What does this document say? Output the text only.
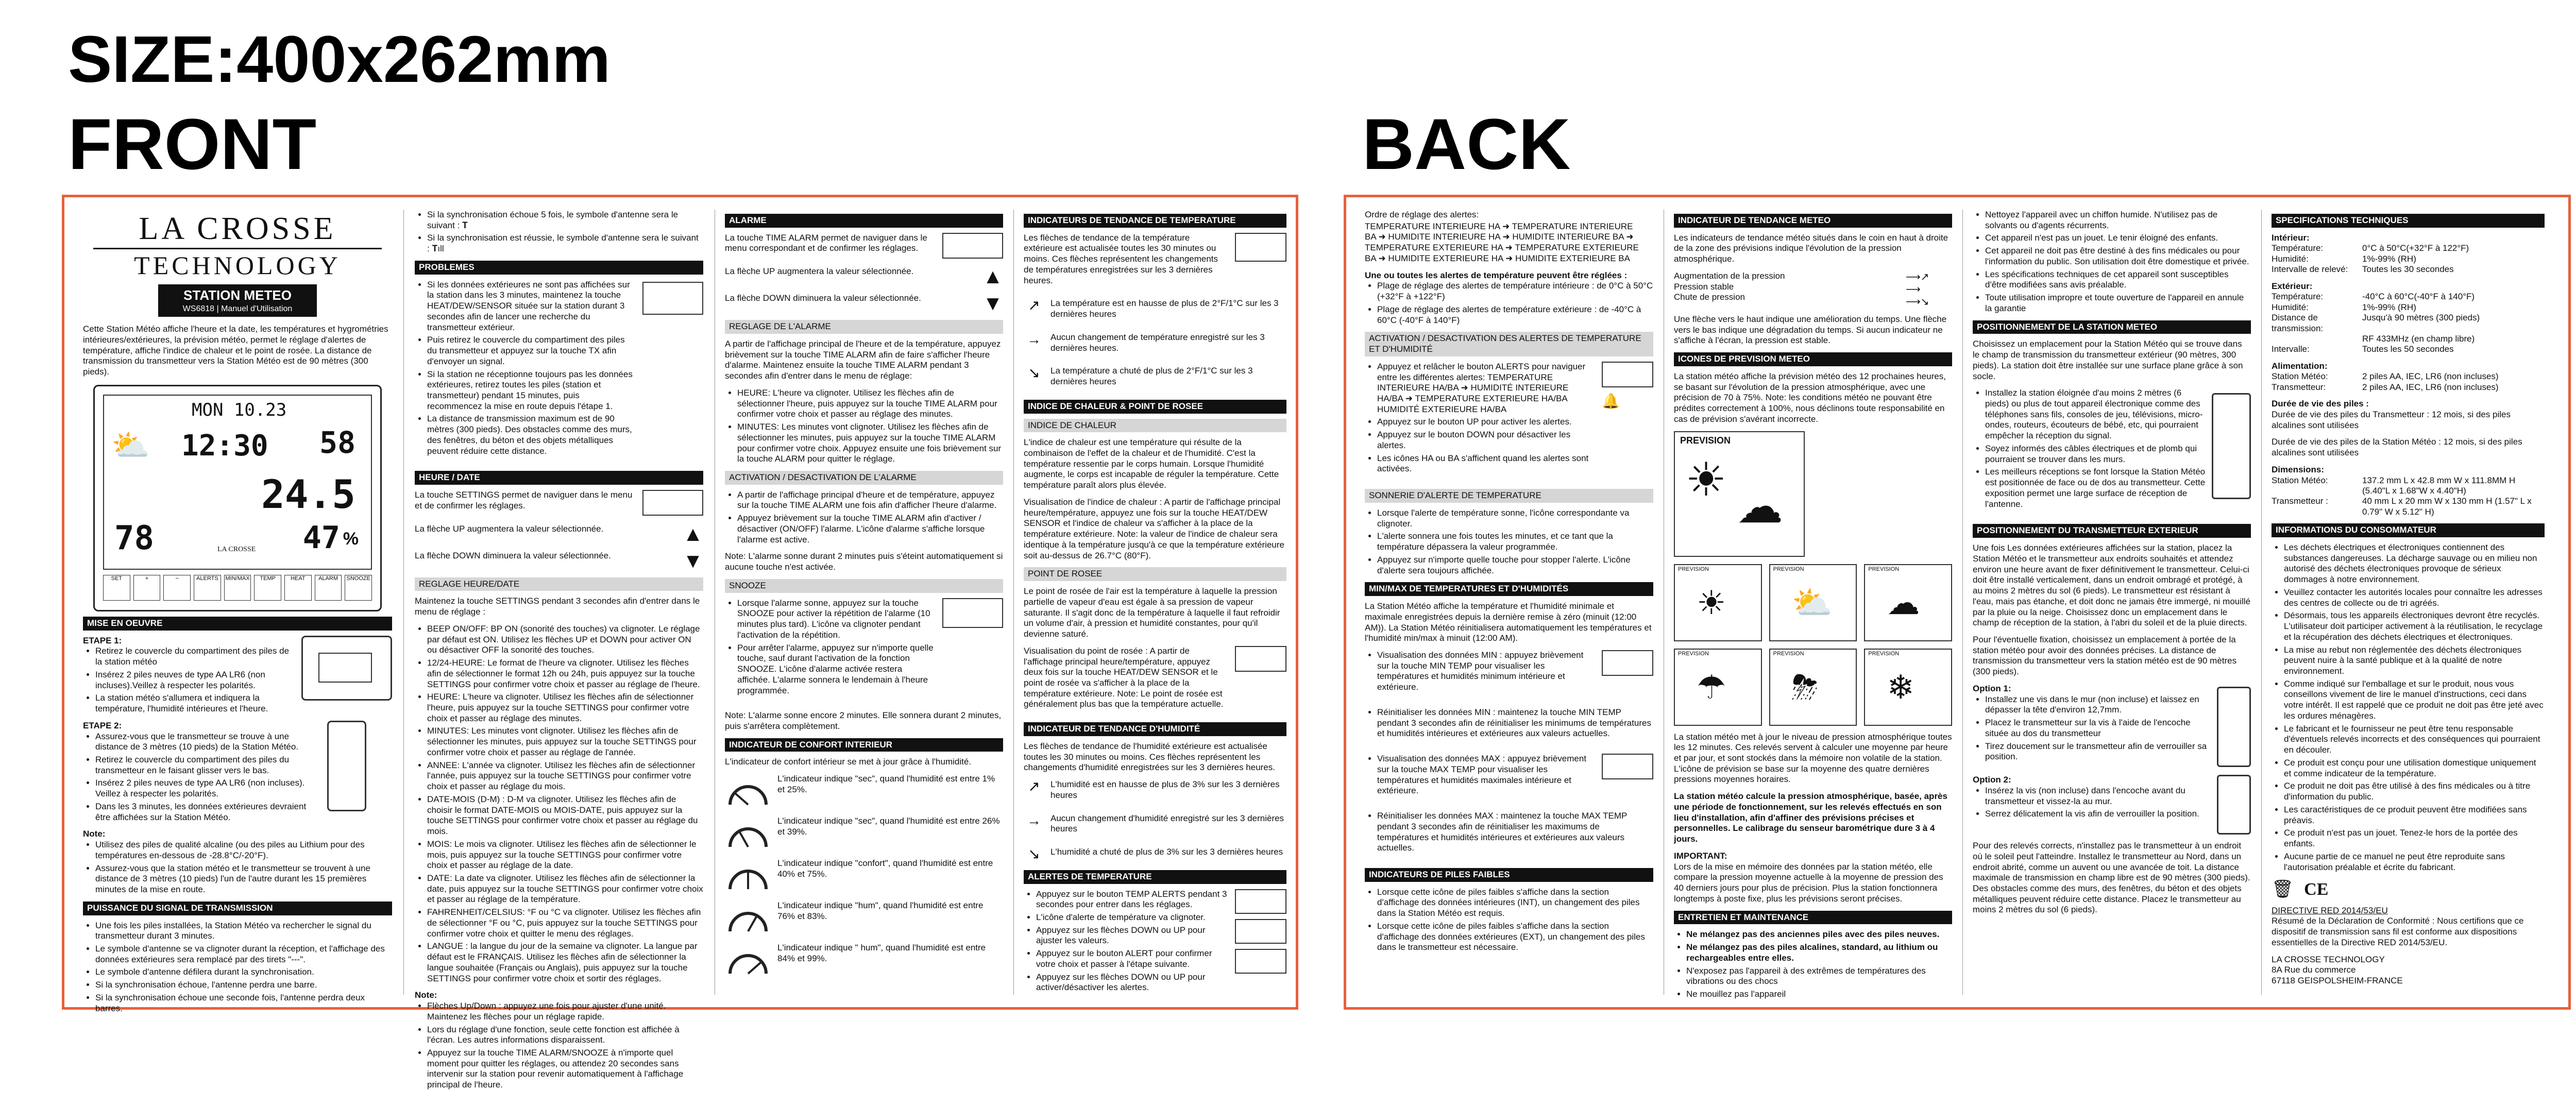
SIZE:400x262mm
FRONT	BACK
LA CROSSE
TECHNOLOGY
STATION METEO
WS6818 | Manuel d'Utilisation

Cette Station Météo affiche l'heure et la date, les températures et hygrométries intérieures/extérieures, la prévision météo, permet le réglage d'alertes de température, affiche l'indice de chaleur et le point de rosée. La distance de transmission du transmetteur vers la Station Météo est de 90 mètres (300 pieds).

MON 10.23
⛅ 12:30 58
24.5
78	47 %
LA CROSSE
SET	+	−	ALERTS	MIN/MAX	TEMP	HEAT	ALARM	SNOOZE
MISE EN OEUVRE
ETAPE 1:
• Retirez le couvercle du compartiment des piles de la station météo
• Insérez 2 piles neuves de type AA LR6 (non incluses).Veillez à respecter les polarités.
• La station météo s'allumera et indiquera la température, l'humidité intérieures et l'heure.
ETAPE 2:
• Assurez-vous que le transmetteur se trouve à une distance de 3 mètres (10 pieds) de la Station Météo.
• Retirez le couvercle du compartiment des piles du transmetteur en le faisant glisser vers le bas.
• Insérez 2 piles neuves de type AA LR6 (non incluses). Veillez à respecter les polarités.
• Dans les 3 minutes, les données extérieures devraient être affichées sur la Station Météo.
Note:
• Utilisez des piles de qualité alcaline (ou des piles au Lithium pour des températures en-dessous de -28.8°C/-20°F).
• Assurez-vous que la station météo et le transmetteur se trouvent à une distance de 3 mètres (10 pieds) l'un de l'autre durant les 15 premières minutes de la mise en route.
PUISSANCE DU SIGNAL DE TRANSMISSION
• Une fois les piles installées, la Station Météo va rechercher le signal du transmetteur durant 3 minutes.
• Le symbole d'antenne se va clignoter durant la réception, et l'affichage des données extérieures sera remplacé par des tirets "---".
• Le symbole d'antenne défilera durant la synchronisation.
• Si la synchronisation échoue, l'antenne perdra une barre.
• Si la synchronisation échoue une seconde fois, l'antenne perdra deux barres.
• Si la synchronisation échoue 5 fois, le symbole d'antenne sera le suivant : 𝐓
• Si la synchronisation est réussie, le symbole d'antenne sera le suivant : 𝐓ıll
PROBLEMES
• Si les données extérieures ne sont pas affichées sur la station dans les 3 minutes, maintenez la touche HEAT/DEW/SENSOR située sur la station durant 3 secondes afin de lancer une recherche du transmetteur extérieur.
• Puis retirez le couvercle du compartiment des piles du transmetteur et appuyez sur la touche TX afin d'envoyer un signal.
• Si la station ne réceptionne toujours pas les données extérieures, retirez toutes les piles (station et transmetteur) pendant 15 minutes, puis recommencez la mise en route depuis l'étape 1.
• La distance de transmission maximum est de 90 mètres (300 pieds). Des obstacles comme des murs, des fenêtres, du béton et des objets métalliques peuvent réduire cette distance.
HEURE / DATE

La touche SETTINGS permet de naviguer dans le menu et de confirmer les réglages.

La flèche UP augmentera la valeur sélectionnée.	▲

La flèche DOWN diminuera la valeur sélectionnée.	▼
REGLAGE HEURE/DATE

Maintenez la touche SETTINGS pendant 3 secondes afin d'entrer dans le menu de réglage :

• BEEP ON/OFF: BP ON (sonorité des touches) va clignoter. Le réglage par défaut est ON. Utilisez les flèches UP et DOWN pour activer ON ou désactiver OFF la sonorité des touches.
• 12/24-HEURE: Le format de l'heure va clignoter. Utilisez les flèches afin de sélectionner le format 12h ou 24h, puis appuyez sur la touche SETTINGS pour confirmer votre choix et passer au réglage de l'heure.
• HEURE: L'heure va clignoter. Utilisez les flèches afin de sélectionner l'heure, puis appuyez sur la touche SETTINGS pour confirmer votre choix et passer au réglage des minutes.
• MINUTES: Les minutes vont clignoter. Utilisez les flèches afin de sélectionner les minutes, puis appuyez sur la touche SETTINGS pour confirmer votre choix et passer au réglage de l'année.
• ANNEE: L'année va clignoter. Utilisez les flèches afin de sélectionner l'année, puis appuyez sur la touche SETTINGS pour confirmer votre choix et passer au réglage du mois.
• DATE-MOIS (D-M) : D-M va clignoter. Utilisez les flèches afin de choisir le format DATE-MOIS ou MOIS-DATE, puis appuyez sur la touche SETTINGS pour confirmer votre choix et passer au réglage du mois.
• MOIS: Le mois va clignoter. Utilisez les flèches afin de sélectionner le mois, puis appuyez sur la touche SETTINGS pour confirmer votre choix et passer au réglage de la date.
• DATE: La date va clignoter. Utilisez les flèches afin de sélectionner la date, puis appuyez sur la touche SETTINGS pour confirmer votre choix et passer au réglage de la température.
• FAHRENHEIT/CELSIUS: °F ou °C va clignoter. Utilisez les flèches afin de sélectionner °F ou °C, puis appuyez sur la touche SETTINGS pour confirmer votre choix et quitter le menu des réglages.
• LANGUE : la langue du jour de la semaine va clignoter. La langue par défaut est le FRANÇAIS. Utilisez les flèches afin de sélectionner la langue souhaitée (Français ou Anglais), puis appuyez sur la touche SETTINGS pour confirmer votre choix et sortir des réglages.
Note:
• Flèches Up/Down : appuyez une fois pour ajuster d'une unité. Maintenez les flèches pour un réglage rapide.
• Lors du réglage d'une fonction, seule cette fonction est affichée à l'écran. Les autres informations disparaissent.
• Appuyez sur la touche TIME ALARM/SNOOZE à n'importe quel moment pour quitter les réglages, ou attendez 20 secondes sans intervenir sur la station pour revenir automatiquement à l'affichage principal de l'heure.
ALARME

La touche TIME ALARM permet de naviguer dans le menu correspondant et de confirmer les réglages.

La flèche UP augmentera la valeur sélectionnée.	▲

La flèche DOWN diminuera la valeur sélectionnée.	▼
REGLAGE DE L'ALARME

A partir de l'affichage principal de l'heure et de la température, appuyez brièvement sur la touche TIME ALARM afin de faire s'afficher l'heure d'alarme. Maintenez ensuite la touche TIME ALARM pendant 3 secondes afin d'entrer dans le menu de réglage:

• HEURE: L'heure va clignoter. Utilisez les flèches afin de sélectionner l'heure, puis appuyez sur la touche TIME ALARM pour confirmer votre choix et passer au réglage des minutes.
• MINUTES: Les minutes vont clignoter. Utilisez les flèches afin de sélectionner les minutes, puis appuyez sur la touche TIME ALARM pour confirmer votre choix. Appuyez ensuite une fois brièvement sur la touche ALARM pour quitter le réglage.
ACTIVATION / DESACTIVATION DE L'ALARME
• A partir de l'affichage principal d'heure et de température, appuyez sur la touche TIME ALARM une fois afin d'afficher l'heure d'alarme.
• Appuyez brièvement sur la touche TIME ALARM afin d'activer / désactiver (ON/OFF) l'alarme. L'icône d'alarme s'affiche lorsque l'alarme est active.

Note: L'alarme sonne durant 2 minutes puis s'éteint automatiquement si aucune touche n'est activée.

SNOOZE
• Lorsque l'alarme sonne, appuyez sur la touche SNOOZE pour activer la répétition de l'alarme (10 minutes plus tard). L'icône va clignoter pendant l'activation de la répétition.
• Pour arrêter l'alarme, appuyez sur n'importe quelle touche, sauf durant l'activation de la fonction SNOOZE. L'icône d'alarme activée restera affichée. L'alarme sonnera le lendemain à l'heure programmée.

Note: L'alarme sonne encore 2 minutes. Elle sonnera durant 2 minutes, puis s'arrêtera complètement.

INDICATEUR DE CONFORT INTERIEUR

L'indicateur de confort intérieur se met à jour grâce à l'humidité.

L'indicateur indique "sec", quand l'humidité est entre 1% et 25%.

L'indicateur indique "sec", quand l'humidité est entre 26% et 39%.

L'indicateur indique "confort", quand l'humidité est entre 40% et 75%.

L'indicateur indique "hum", quand l'humidité est entre 76% et 83%.

L'indicateur indique " hum", quand l'humidité est entre 84% et 99%.

INDICATEURS DE TENDANCE DE TEMPERATURE

Les flèches de tendance de la température extérieure est actualisée toutes les 30 minutes ou moins. Ces flèches représentent les changements de températures enregistrées sur les 3 dernières heures.

↗	La température est en hausse de plus de 2°F/1°C sur les 3 dernières heures

→	Aucun changement de température enregistré sur les 3 dernières heures.

↘	La température a chuté de plus de 2°F/1°C sur les 3 dernières heures

INDICE DE CHALEUR & POINT DE ROSEE
INDICE DE CHALEUR

L'indice de chaleur est une température qui résulte de la combinaison de l'effet de la chaleur et de l'humidité. C'est la température ressentie par le corps humain. Lorsque l'humidité augmente, le corps est incapable de réguler la température. Cette température paraît alors plus élevée.

Visualisation de l'indice de chaleur : A partir de l'affichage principal heure/température, appuyez une fois sur la touche HEAT/DEW SENSOR et l'indice de chaleur va s'afficher à la place de la température extérieure. Note: la valeur de l'indice de chaleur sera identique à la température jusqu'à ce que la température extérieure soit au-dessus de 26.7°C (80°F).

POINT DE ROSEE

Le point de rosée de l'air est la température à laquelle la pression partielle de vapeur d'eau est égale à sa pression de vapeur saturante. Il s'agit donc de la température à laquelle il faut refroidir un volume d'air, à pression et humidité constantes, pour qu'il devienne saturé.

Visualisation du point de rosée : A partir de l'affichage principal heure/température, appuyez deux fois sur la touche HEAT/DEW SENSOR et le point de rosée va s'afficher à la place de la température extérieure. Note: Le point de rosée est généralement plus bas que la température actuelle.

INDICATEUR DE TENDANCE D'HUMIDITÉ

Les flèches de tendance de l'humidité extérieure est actualisée toutes les 30 minutes ou moins. Ces flèches représentent les changements d'humidité enregistrées sur les 3 dernières heures.

↗	L'humidité est en hausse de plus de 3% sur les 3 dernières heures

→	Aucun changement d'humidité enregistré sur les 3 dernières heures

↘	L'humidité a chuté de plus de 3% sur les 3 dernières heures

ALERTES DE TEMPERATURE
• Appuyez sur le bouton TEMP ALERTS pendant 3 secondes pour entrer dans les réglages.
• L'icône d'alerte de température va clignoter.
• Appuyez sur les flèches DOWN ou UP pour ajuster les valeurs.
• Appuyez sur le bouton ALERT pour confirmer votre choix et passer à l'étape suivante.
• Appuyez sur les flèches DOWN ou UP pour activer/désactiver les alertes.

Ordre de réglage des alertes:

TEMPERATURE INTERIEURE HA ➜ TEMPERATURE INTERIEURE
BA ➜ HUMIDITE INTERIEURE HA ➜ HUMIDITE INTERIEURE BA ➜
TEMPERATURE EXTERIEURE HA ➜ TEMPERATURE EXTERIEURE
BA ➜ HUMIDITE EXTERIEURE HA ➜ HUMIDITE EXTERIEURE BA
Une ou toutes les alertes de température peuvent être réglées :
• Plage de réglage des alertes de température intérieure : de 0°C à 50°C (+32°F à +122°F)
• Plage de réglage des alertes de température extérieure : de -40°C à 60°C (-40°F à 140°F)
ACTIVATION / DESACTIVATION DES ALERTES DE TEMPERATURE ET D'HUMIDITÉ
• Appuyez et relâcher le bouton ALERTS pour naviguer entre les différentes alertes: TEMPERATURE INTERIEURE HA/BA ➜ HUMIDITÉ INTERIEURE HA/BA ➜ TEMPERATURE EXTERIEURE HA/BA HUMIDITÉ EXTERIEURE HA/BA
• Appuyez sur le bouton UP pour activer les alertes.
• Appuyez sur le bouton DOWN pour désactiver les alertes.
• Les icônes HA ou BA s'affichent quand les alertes sont activées.
🔔
SONNERIE D'ALERTE DE TEMPERATURE
• Lorsque l'alerte de température sonne, l'icône correspondante va clignoter.
• L'alerte sonnera une fois toutes les minutes, et ce tant que la température dépassera la valeur programmée.
• Appuyez sur n'importe quelle touche pour stopper l'alerte. L'icône d'alerte sera toujours affichée.
MIN/MAX DE TEMPERATURES ET D'HUMIDITÉS

La Station Météo affiche la température et l'humidité minimale et maximale enregistrées depuis la dernière remise à zéro (minuit (12:00 AM)). La Station Météo réinitialisera automatiquement les températures et l'humidité min/max à minuit (12:00 AM).

• Visualisation des données MIN : appuyez brièvement sur la touche MIN TEMP pour visualiser les températures et humidités minimum intérieure et extérieure.
• Réinitialiser les données MIN : maintenez la touche MIN TEMP pendant 3 secondes afin de réinitialiser les minimums de températures et humidités intérieures et extérieures aux valeurs actuelles.
• Visualisation des données MAX : appuyez brièvement sur la touche MAX TEMP pour visualiser les températures et humidités maximales intérieure et extérieure.
• Réinitialiser les données MAX : maintenez la touche MAX TEMP pendant 3 secondes afin de réinitialiser les maximums de températures et humidités intérieures et extérieures aux valeurs actuelles.
INDICATEURS DE PILES FAIBLES
• Lorsque cette icône de piles faibles s'affiche dans la section d'affichage des données intérieures (INT), un changement des piles dans la Station Météo est requis.
• Lorsque cette icône de piles faibles s'affiche dans la section d'affichage des données extérieures (EXT), un changement des piles dans le transmetteur est nécessaire.
INDICATEUR DE TENDANCE METEO

Les indicateurs de tendance météo situés dans le coin en haut à droite de la zone des prévisions indique l'évolution de la pression atmosphérique.

Augmentation de la pression
Pression stable
Chute de pression
⟶↗
⟶
⟶↘

Une flèche vers le haut indique une amélioration du temps. Une flèche vers le bas indique une dégradation du temps. Si aucun indicateur ne s'affiche à l'écran, la pression est stable.

ICONES DE PREVISION METEO

La station météo affiche la prévision météo des 12 prochaines heures, se basant sur l'évolution de la pression atmosphérique, avec une précision de 70 à 75%. Note: les conditions météo ne pouvant être prédites correctement à 100%, nous déclinons toute responsabilité en cas de prévision s'avérant incorrecte.

PREVISION
☀
☁
PREVISION
☀
PREVISION
⛅
PREVISION
☁
PREVISION
☂
PREVISION
⛈
PREVISION
❄

La station météo met à jour le niveau de pression atmosphérique toutes les 12 minutes. Ces relevés servent à calculer une moyenne par heure et par jour, et sont stockés dans la mémoire non volatile de la station. L'icône de prévision se base sur la moyenne des quatre dernières pressions moyennes horaires.

La station météo calcule la pression atmosphérique, basée, après une période de fonctionnement, sur les relevés effectués en son lieu d'installation, afin d'affiner des prévisions précises et personnelles. Le calibrage du senseur barométrique dure 3 à 4 jours.

IMPORTANT:

Lors de la mise en mémoire des données par la station météo, elle compare la pression moyenne actuelle à la moyenne de pression des 40 derniers jours pour plus de précision. Plus la station fonctionnera longtemps à poste fixe, plus les prévisions seront précises.

ENTRETIEN ET MAINTENANCE
• Ne mélangez pas des anciennes piles avec des piles neuves.
• Ne mélangez pas des piles alcalines, standard, au lithium ou rechargeables entre elles.
• N'exposez pas l'appareil à des extrêmes de températures des vibrations ou des chocs
• Ne mouillez pas l'appareil
• Nettoyez l'appareil avec un chiffon humide. N'utilisez pas de solvants ou d'agents récurrents.
• Cet appareil n'est pas un jouet. Le tenir éloigné des enfants.
• Cet appareil ne doit pas être destiné à des fins médicales ou pour l'information du public. Son utilisation doit être domestique et privée.
• Les spécifications techniques de cet appareil sont susceptibles d'être modifiées sans avis préalable.
• Toute utilisation impropre et toute ouverture de l'appareil en annule la garantie
POSITIONNEMENT DE LA STATION METEO

Choisissez un emplacement pour la Station Météo qui se trouve dans le champ de transmission du transmetteur extérieur (90 mètres, 300 pieds). La station doit être installée sur une surface plane grâce à son socle.

• Installez la station éloignée d'au moins 2 mètres (6 pieds) ou plus de tout appareil électronique comme des téléphones sans fils, consoles de jeu, télévisions, micro-ondes, routeurs, écouteurs de bébé, etc, qui pourraient empêcher la réception du signal.
• Soyez informés des câbles électriques et de plomb qui pourraient se trouver dans les murs.
• Les meilleurs réceptions se font lorsque la Station Météo est positionnée de face ou de dos au transmetteur. Cette exposition permet une large surface de réception de l'antenne.
POSITIONNEMENT DU TRANSMETTEUR EXTERIEUR

Une fois Les données extérieures affichées sur la station, placez la Station Météo et le transmetteur aux endroits souhaités et attendez environ une heure avant de fixer définitivement le transmetteur. Celui-ci doit être installé verticalement, dans un endroit ombragé et protégé, à au moins 2 mètres du sol (6 pieds). Le transmetteur est résistant à l'eau, mais pas étanche, et doit donc ne jamais être immergé, ni mouillé par la pluie ou la neige. Choisissez donc un emplacement dans le champ de réception de la station, à l'abri du soleil et de la pluie directs.

Pour l'éventuelle fixation, choisissez un emplacement à portée de la station météo pour avoir des données précises. La distance de transmission du transmetteur vers la station météo est de 90 mètres (300 pieds).

Option 1:
• Installez une vis dans le mur (non incluse) et laissez en dépasser la tête d'environ 12,7mm.
• Placez le transmetteur sur la vis à l'aide de l'encoche située au dos du transmetteur
• Tirez doucement sur le transmetteur afin de verrouiller sa position.
Option 2:
• Insérez la vis (non incluse) dans l'encoche avant du transmetteur et vissez-la au mur.
• Serrez délicatement la vis afin de verrouiller la position.

Pour des relevés corrects, n'installez pas le transmetteur à un endroit où le soleil peut l'atteindre. Installez le transmetteur au Nord, dans un endroit abrité, comme un auvent ou une avancée de toit. La distance maximale de transmission en champ libre est de 90 mètres (300 pieds). Des obstacles comme des murs, des fenêtres, du béton et des objets métalliques peuvent réduire cette distance. Placez le transmetteur au moins 2 mètres du sol (6 pieds).

SPECIFICATIONS TECHNIQUES
Intérieur:
Température:	0°C à 50°C(+32°F à 122°F)
Humidité:	1%-99% (RH)
Intervalle de relevé:	Toutes les 30 secondes
Extérieur:
Température:	-40°C à 60°C(-40°F à 140°F)
Humidité:	1%-99% (RH)
Distance de transmission:
Jusqu'à 90 mètres (300 pieds)
RF 433MHz (en champ libre)
Intervalle:	Toutes les 50 secondes
Alimentation:
Station Météo:	2 piles AA, IEC, LR6 (non incluses)
Transmetteur:	2 piles AA, IEC, LR6 (non incluses)
Durée de vie des piles :

Durée de vie des piles du Transmetteur : 12 mois, si des piles alcalines sont utilisées

Durée de vie des piles de la Station Météo : 12 mois, si des piles alcalines sont utilisées

Dimensions:
Station Météo:	137.2 mm L x 42.8 mm W x 111.8MM H (5.40"L x 1.68"W x 4.40"H)
Transmetteur :	40 mm L x 20 mm W x 130 mm H (1.57" L x 0.79" W x 5.12" H)
INFORMATIONS DU CONSOMMATEUR
• Les déchets électriques et électroniques contiennent des substances dangereuses. La décharge sauvage ou en milieu non autorisé des déchets électroniques provoque de sérieux dommages à notre environnement.
• Veuillez contacter les autorités locales pour connaître les adresses des centres de collecte ou de tri agréés.
• Désormais, tous les appareils électroniques devront être recyclés. L'utilisateur doit participer activement à la réutilisation, le recyclage et la récupération des déchets électriques et électroniques.
• La mise au rebut non réglementée des déchets électroniques peuvent nuire à la santé publique et à la qualité de notre environnement.
• Comme indiqué sur l'emballage et sur le produit, nous vous conseillons vivement de lire le manuel d'instructions, ceci dans votre intérêt. Il est rappelé que ce produit ne doit pas être jeté avec les ordures ménagères.
• Le fabricant et le fournisseur ne peut être tenu responsable d'éventuels relevés incorrects et des conséquences qui pourraient en découler.
• Ce produit est conçu pour une utilisation domestique uniquement et comme indicateur de la température.
• Ce produit ne doit pas être utilisé à des fins médicales ou à titre d'information du public.
• Les caractéristiques de ce produit peuvent être modifiées sans préavis.
• Ce produit n'est pas un jouet. Tenez-le hors de la portée des enfants.
• Aucune partie de ce manuel ne peut être reproduite sans l'autorisation préalable et écrite du fabricant.
🗑 CE
DIRECTIVE RED 2014/53/EU

Résumé de la Déclaration de Conformité : Nous certifions que ce dispositif de transmission sans fil est conforme aux dispositions essentielles de la Directive RED 2014/53/EU.

LA CROSSE TECHNOLOGY
8A Rue du commerce
67118 GEISPOLSHEIM-FRANCE
